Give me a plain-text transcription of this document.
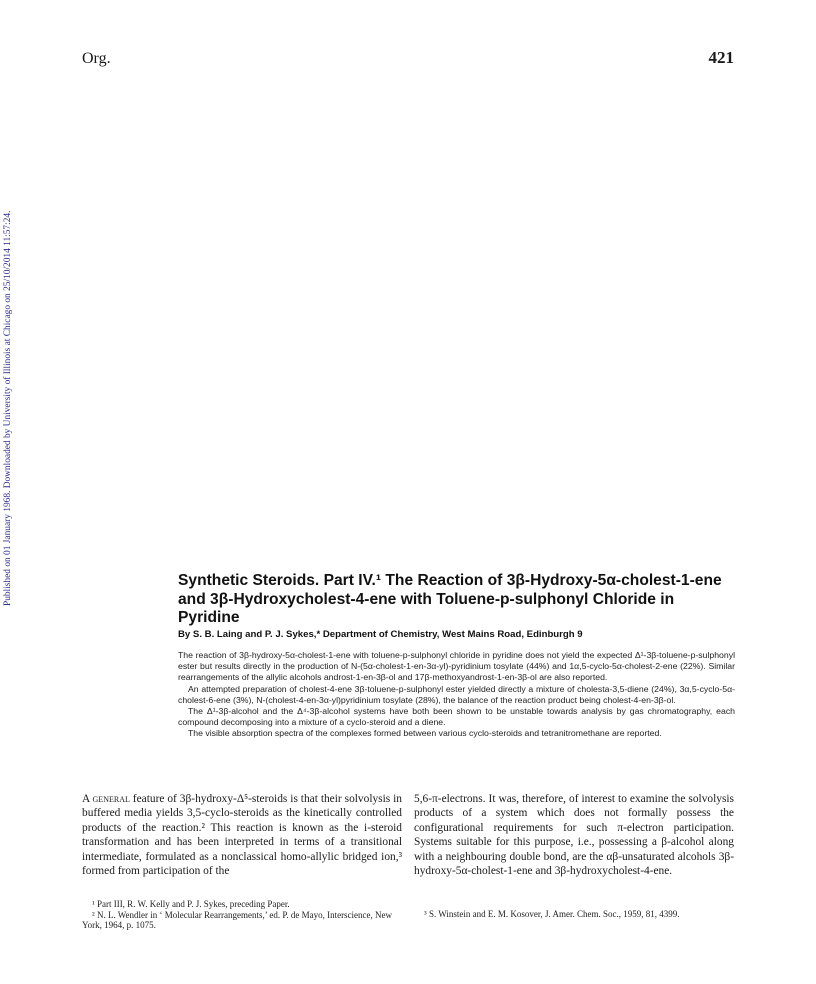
Org.	421
Published on 01 January 1968. Downloaded by University of Illinois at Chicago on 25/10/2014 11:57:24.	Synthetic Steroids. Part IV.¹ The Reaction of 3β-Hydroxy-5α-cholest-1-ene and 3β-Hydroxycholest-4-ene with Toluene-p-sulphonyl Chloride in Pyridine
By S. B. Laing and P. J. Sykes,* Department of Chemistry, West Mains Road, Edinburgh 9

The reaction of 3β-hydroxy-5α-cholest-1-ene with toluene-p-sulphonyl chloride in pyridine does not yield the expected Δ¹-3β-toluene-p-sulphonyl ester but results directly in the production of N-(5α-cholest-1-en-3α-yl)-pyridinium tosylate (44%) and 1α,5-cyclo-5α-cholest-2-ene (22%). Similar rearrangements of the allylic alcohols androst-1-en-3β-ol and 17β-methoxyandrost-1-en-3β-ol are also reported.

An attempted preparation of cholest-4-ene 3β-toluene-p-sulphonyl ester yielded directly a mixture of cholesta-3,5-diene (24%), 3α,5-cyclo-5α-cholest-6-ene (3%), N-(cholest-4-en-3α-yl)pyridinium tosylate (28%), the balance of the reaction product being cholest-4-en-3β-ol.

The Δ¹-3β-alcohol and the Δ⁴-3β-alcohol systems have both been shown to be unstable towards analysis by gas chromatography, each compound decomposing into a mixture of a cyclo-steroid and a diene.

The visible absorption spectra of the complexes formed between various cyclo-steroids and tetranitromethane are reported.

A general feature of 3β-hydroxy-Δ⁵-steroids is that their solvolysis in buffered media yields 3,5-cyclo-steroids as the kinetically controlled products of the reaction.² This reaction is known as the i-steroid transformation and has been interpreted in terms of a transitional intermediate, formulated as a nonclassical homo-allylic bridged ion,³ formed from participation of the

5,6-π-electrons. It was, therefore, of interest to examine the solvolysis products of a system which does not formally possess the configurational requirements for such π-electron participation. Systems suitable for this purpose, i.e., possessing a β-alcohol along with a neighbouring double bond, are the αβ-unsaturated alcohols 3β-hydroxy-5α-cholest-1-ene and 3β-hydroxycholest-4-ene.

¹ Part III, R. W. Kelly and P. J. Sykes, preceding Paper.

² N. L. Wendler in ‘ Molecular Rearrangements,’ ed. P. de Mayo, Interscience, New York, 1964, p. 1075.

³ S. Winstein and E. M. Kosover, J. Amer. Chem. Soc., 1959, 81, 4399.
